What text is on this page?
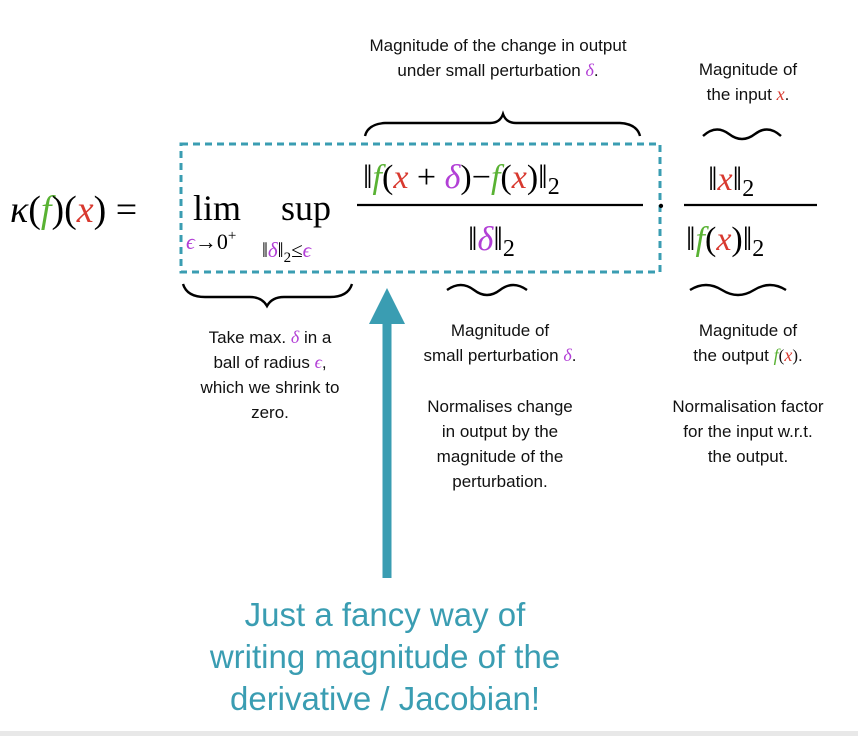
κ(f)(x) = lim sup
ϵ→0+
$‖\delta‖_2\le\epsilon$
‖f(x + δ)−f(x)‖2
‖δ‖2
·
‖x‖2
‖f(x)‖2
Magnitude of the change in output
under small perturbation δ.	Magnitude of
the input x.
Take max. δ in a
ball of radius ϵ,
which we shrink to
zero.
Magnitude of
small perturbation δ.
Normalises change
in output by the
magnitude of the
perturbation.
Magnitude of
the output f(x).
Normalisation factor
for the input w.r.t.
the output.
Just a fancy way of
writing magnitude of the
derivative / Jacobian!
